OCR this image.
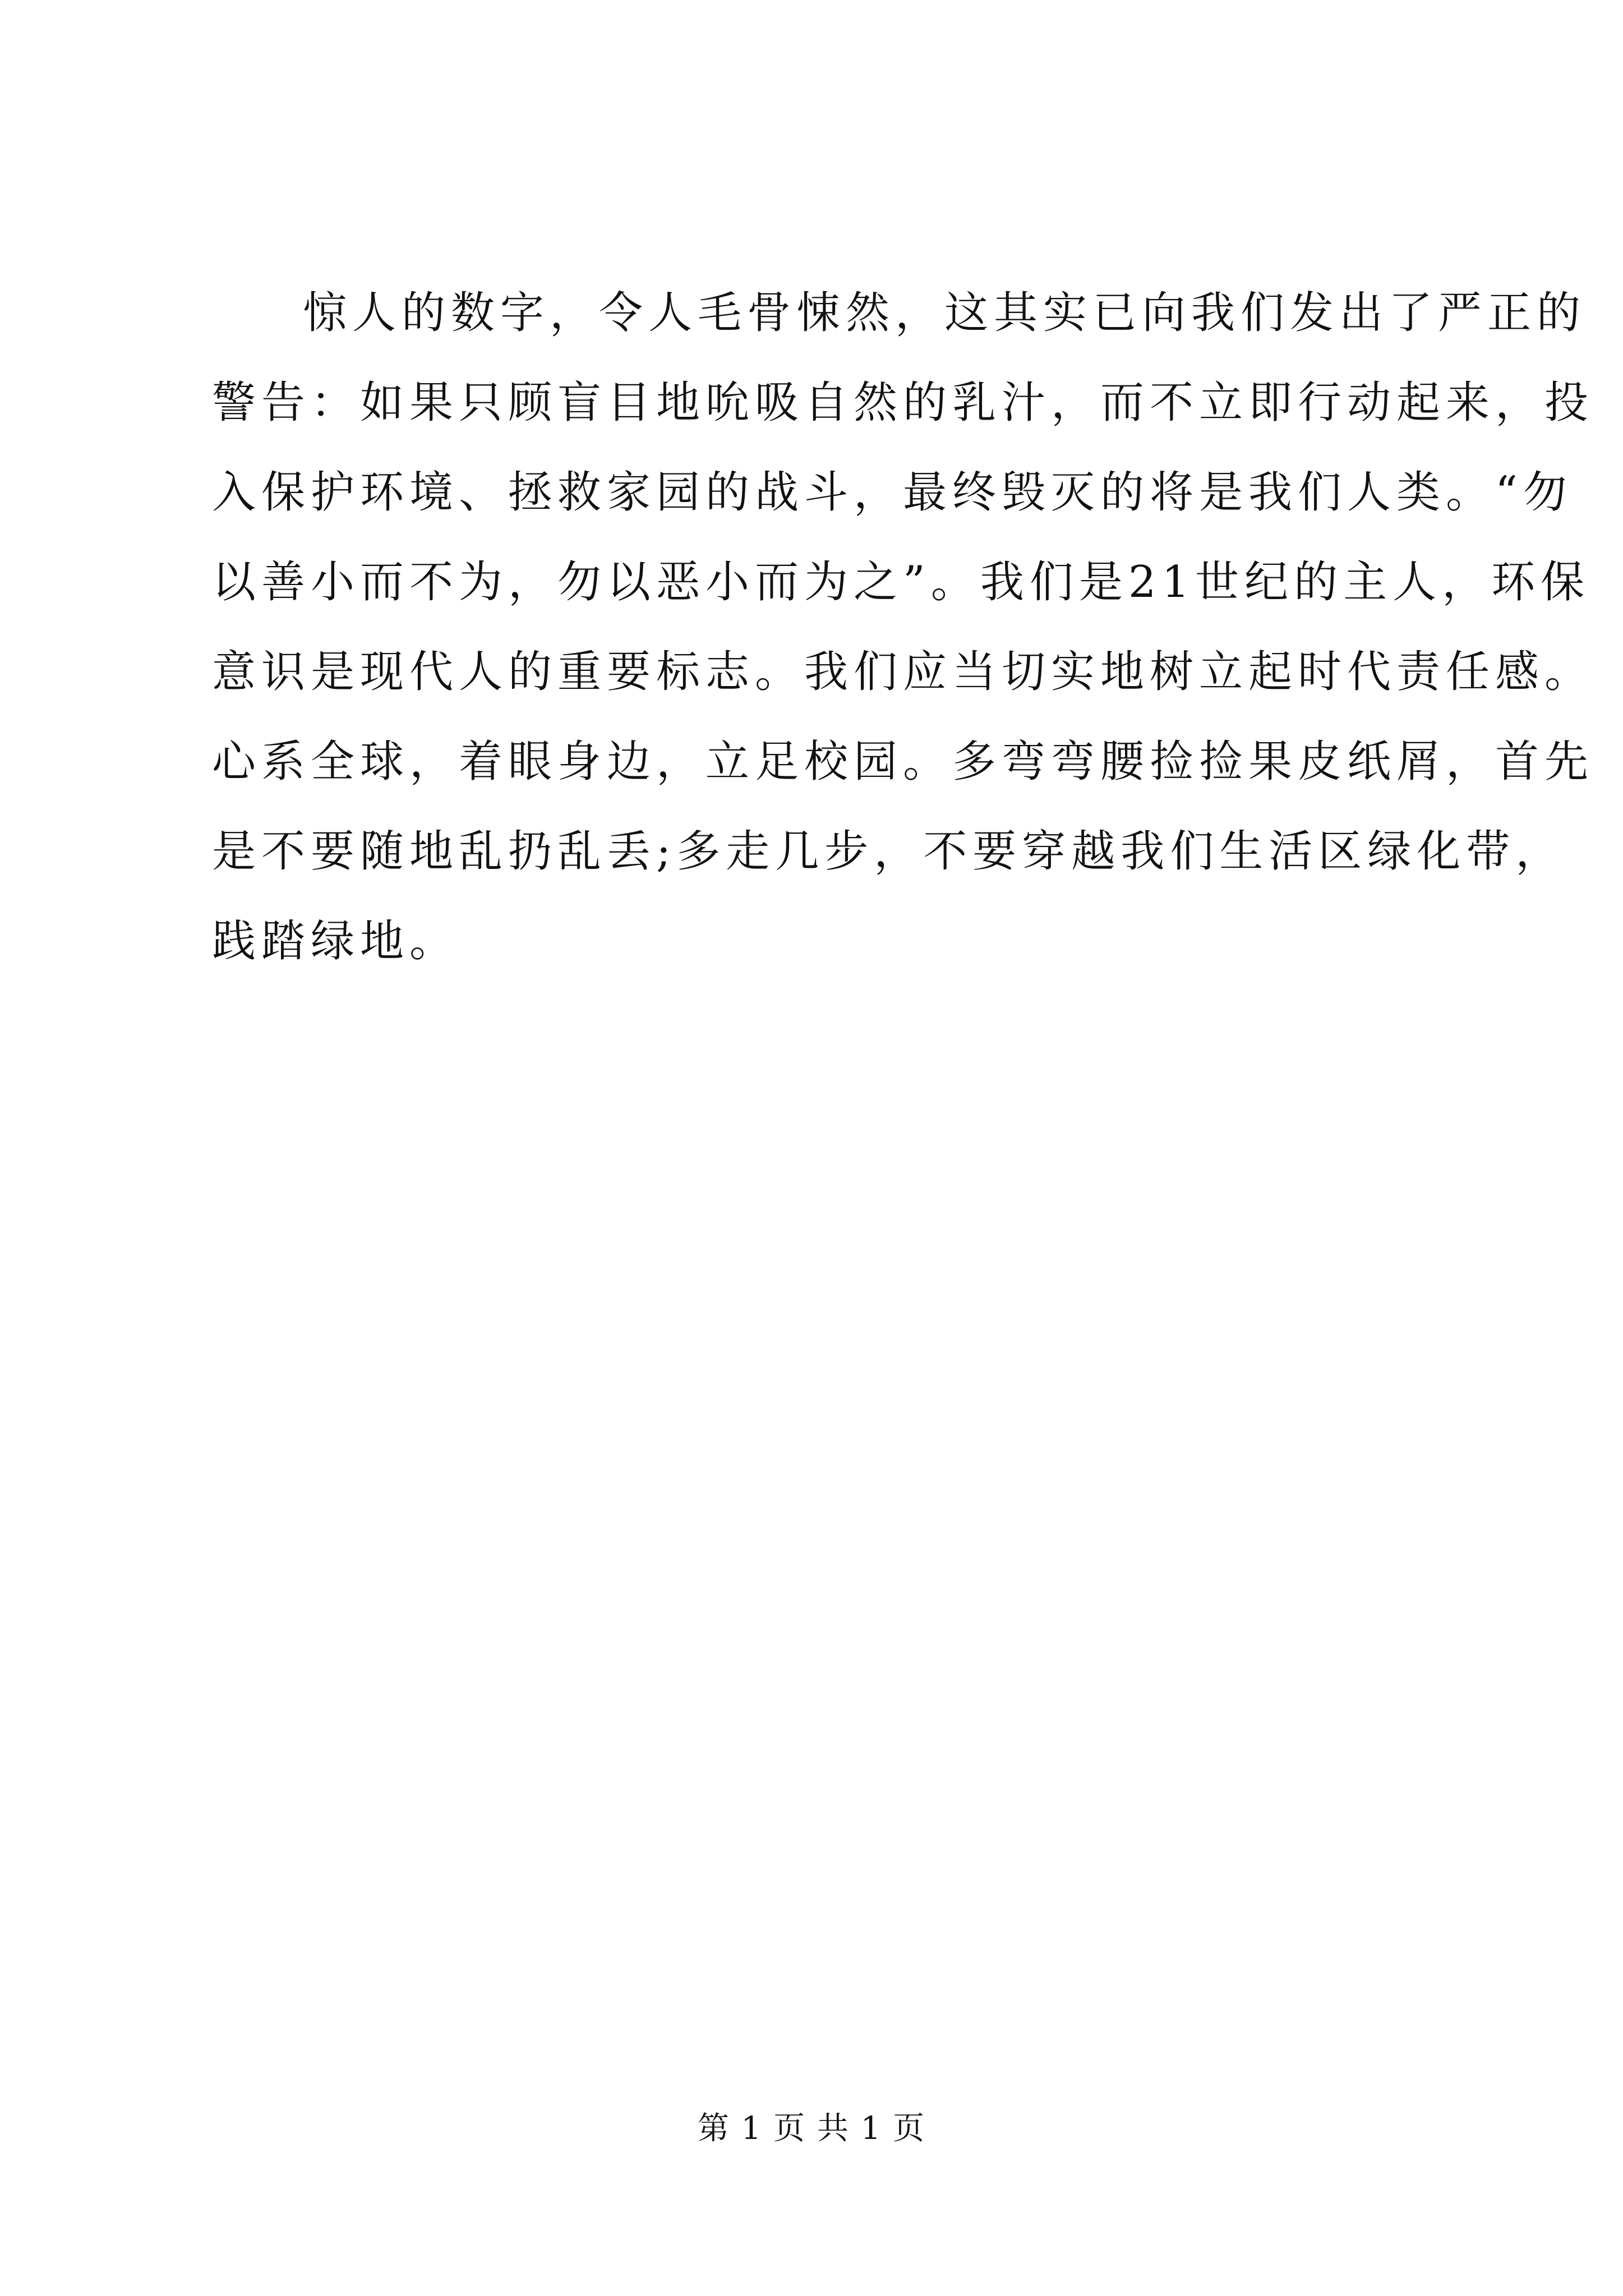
惊人的数字，令人毛骨悚然，这其实已向我们发出了严正的
警告：如果只顾盲目地吮吸自然的乳汁，而不立即行动起来，投
入保护环境、拯救家园的战斗，最终毁灭的将是我们人类。“勿
以善小而不为，勿以恶小而为之”。我们是21世纪的主人，环保
意识是现代人的重要标志。我们应当切实地树立起时代责任感。
心系全球，着眼身边，立足校园。多弯弯腰捡捡果皮纸屑，首先
是不要随地乱扔乱丢;多走几步，不要穿越我们生活区绿化带，
践踏绿地。
第 1 页 共 1 页
